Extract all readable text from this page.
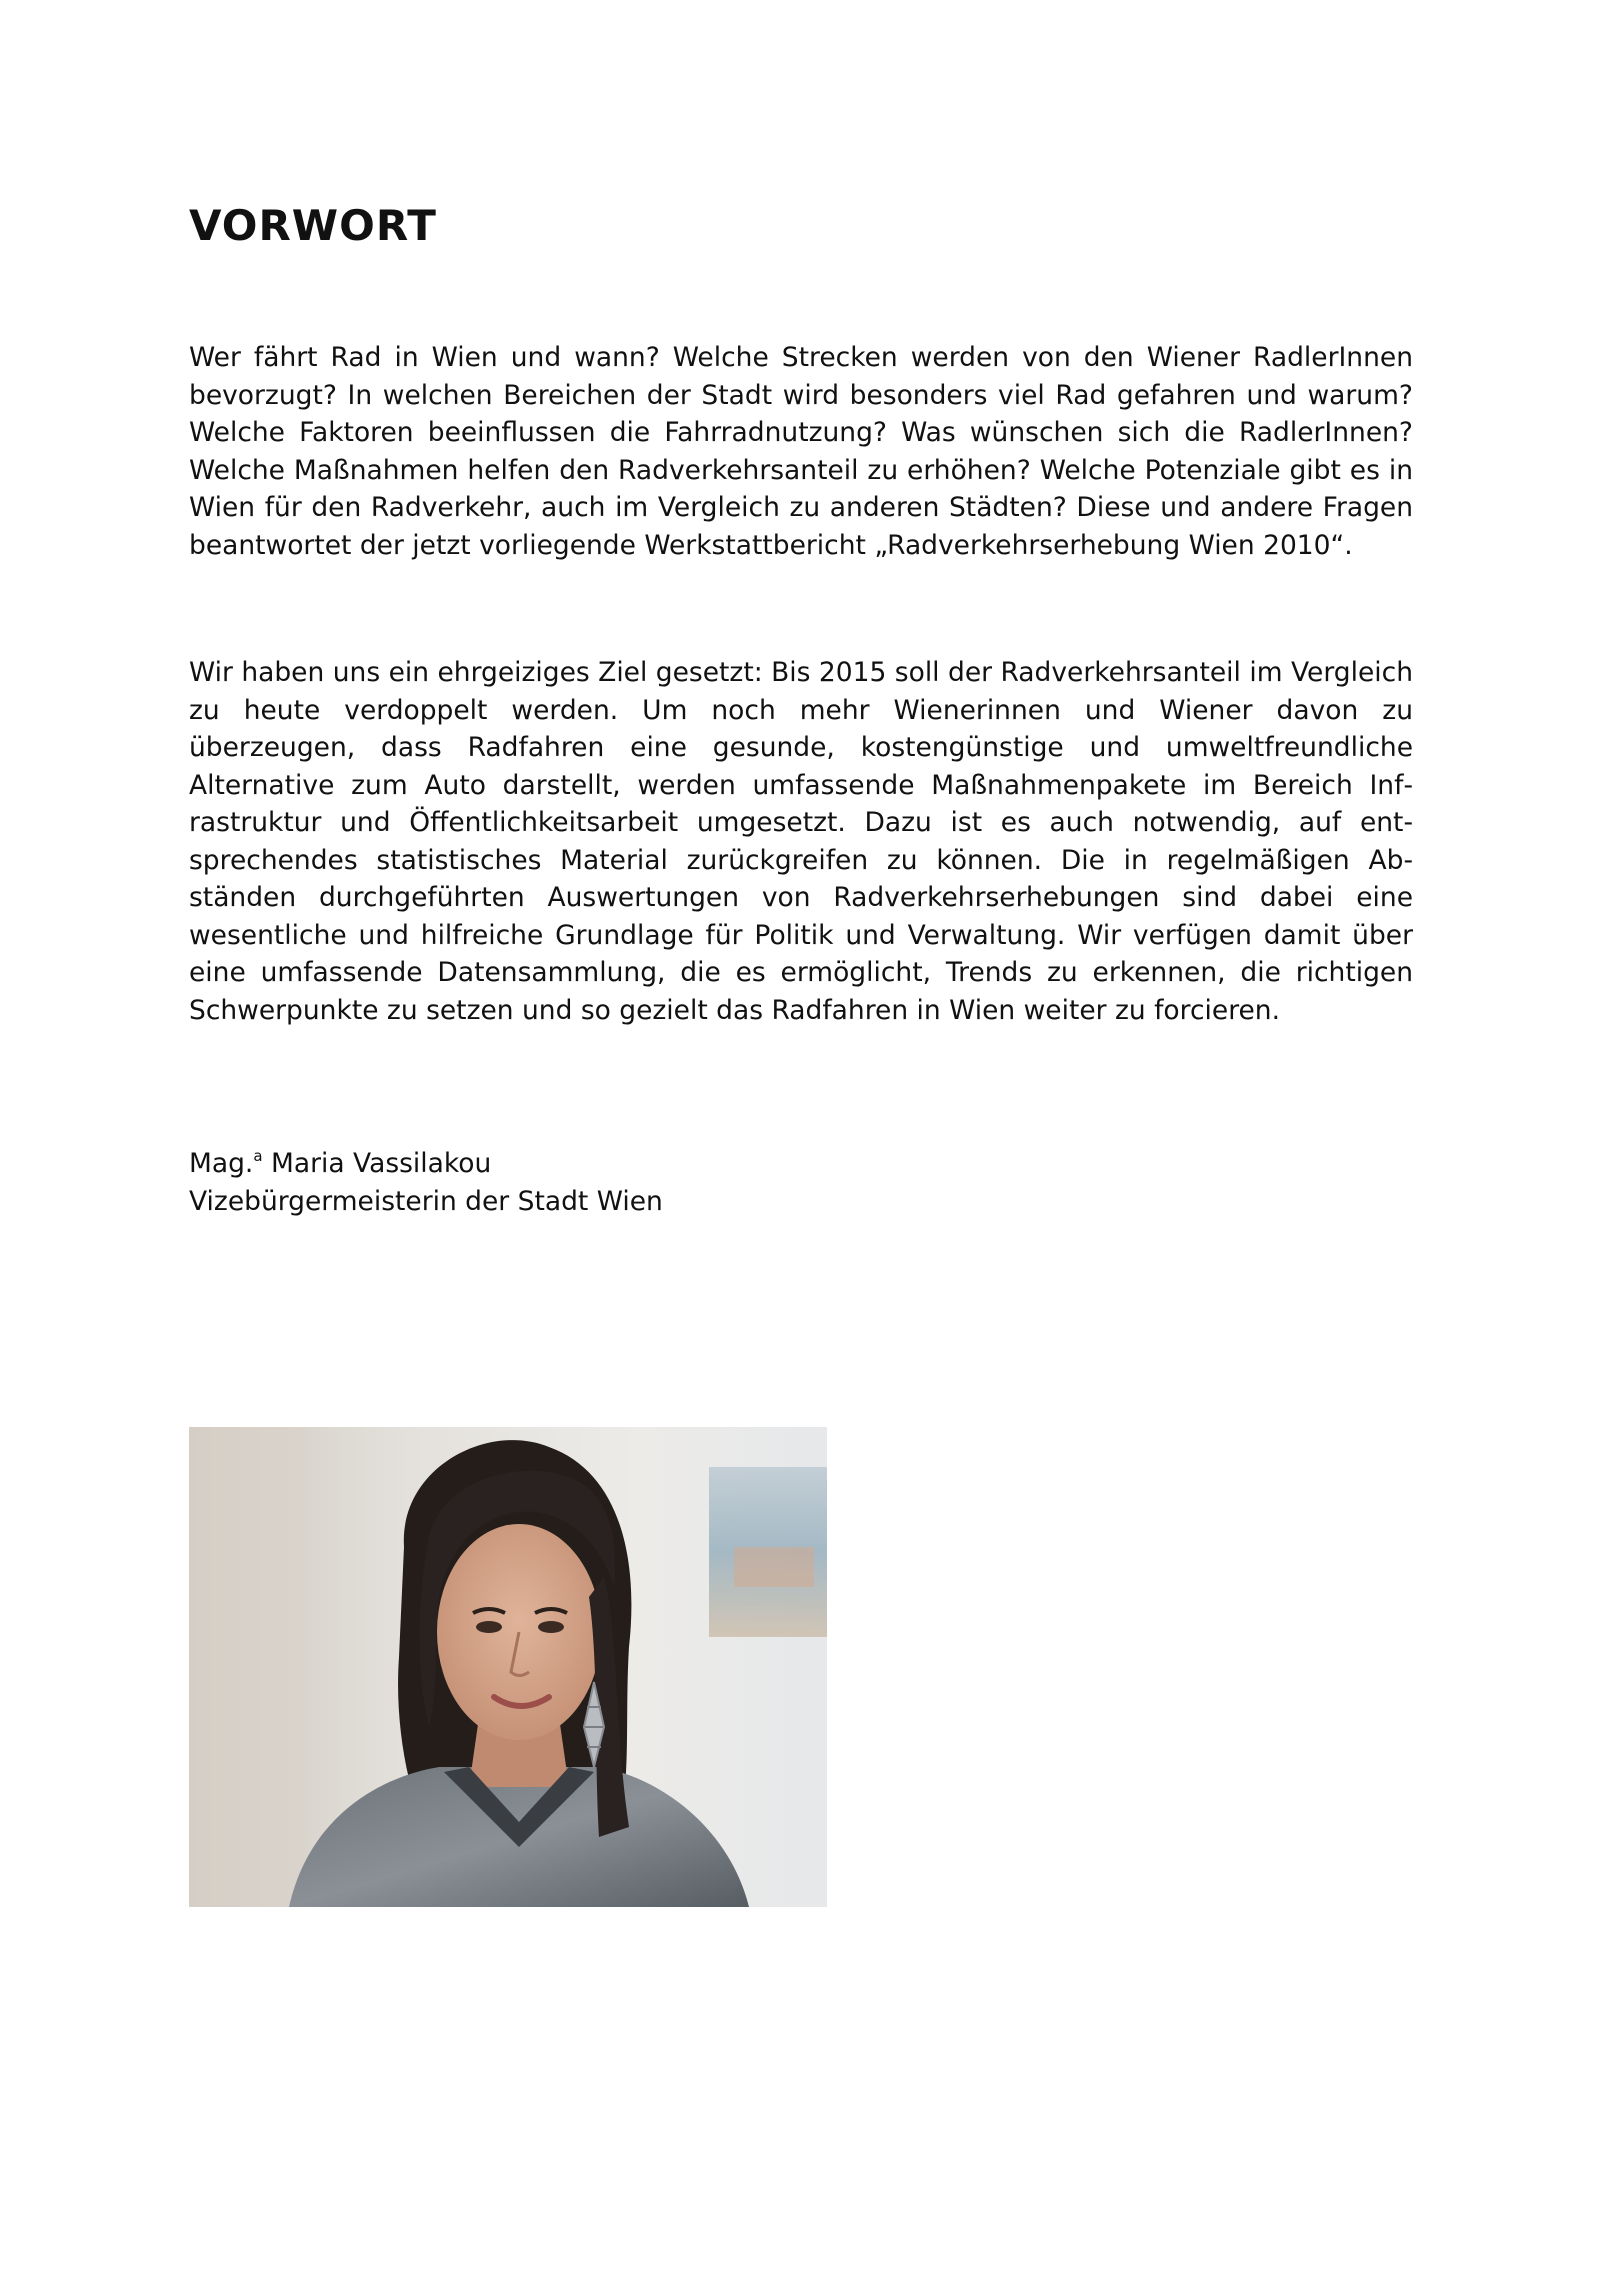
VORWORT

Wer fährt Rad in Wien und wann? Welche Strecken werden von den Wiener RadlerInnen bevorzugt? In welchen Bereichen der Stadt wird besonders viel Rad gefahren und warum? Welche Faktoren beeinflussen die Fahrradnutzung? Was wünschen sich die RadlerInnen? Welche Maßnahmen helfen den Radverkehrsanteil zu erhöhen? Welche Potenziale gibt es in Wien für den Radverkehr, auch im Vergleich zu anderen Städten? Diese und andere Fragen beantwortet der jetzt vorliegende Werkstattbericht „Radverkehrserhebung Wien 2010“.

Wir haben uns ein ehrgeiziges Ziel gesetzt: Bis 2015 soll der Radverkehrsanteil im Vergleich zu heute verdoppelt werden. Um noch mehr Wienerinnen und Wiener davon zu überzeugen, dass Radfahren eine gesunde, kostengünstige und umweltfreundliche Alternative zum Auto darstellt, werden umfassende Maßnahmenpakete im Bereich Infrastruktur und Öffentlichkeitsarbeit umgesetzt. Dazu ist es auch notwendig, auf entsprechendes statistisches Material zurückgreifen zu können. Die in regelmäßigen Abständen durchgeführten Auswertungen von Radverkehrserhebungen sind dabei eine wesentliche und hilfreiche Grundlage für Politik und Verwaltung. Wir verfügen damit über eine umfassende Datensammlung, die es ermöglicht, Trends zu erkennen, die richtigen Schwerpunkte zu setzen und so gezielt das Radfahren in Wien weiter zu forcieren.

Mag.$^a$ Maria Vassilakou
Vizebürgermeisterin der Stadt Wien
